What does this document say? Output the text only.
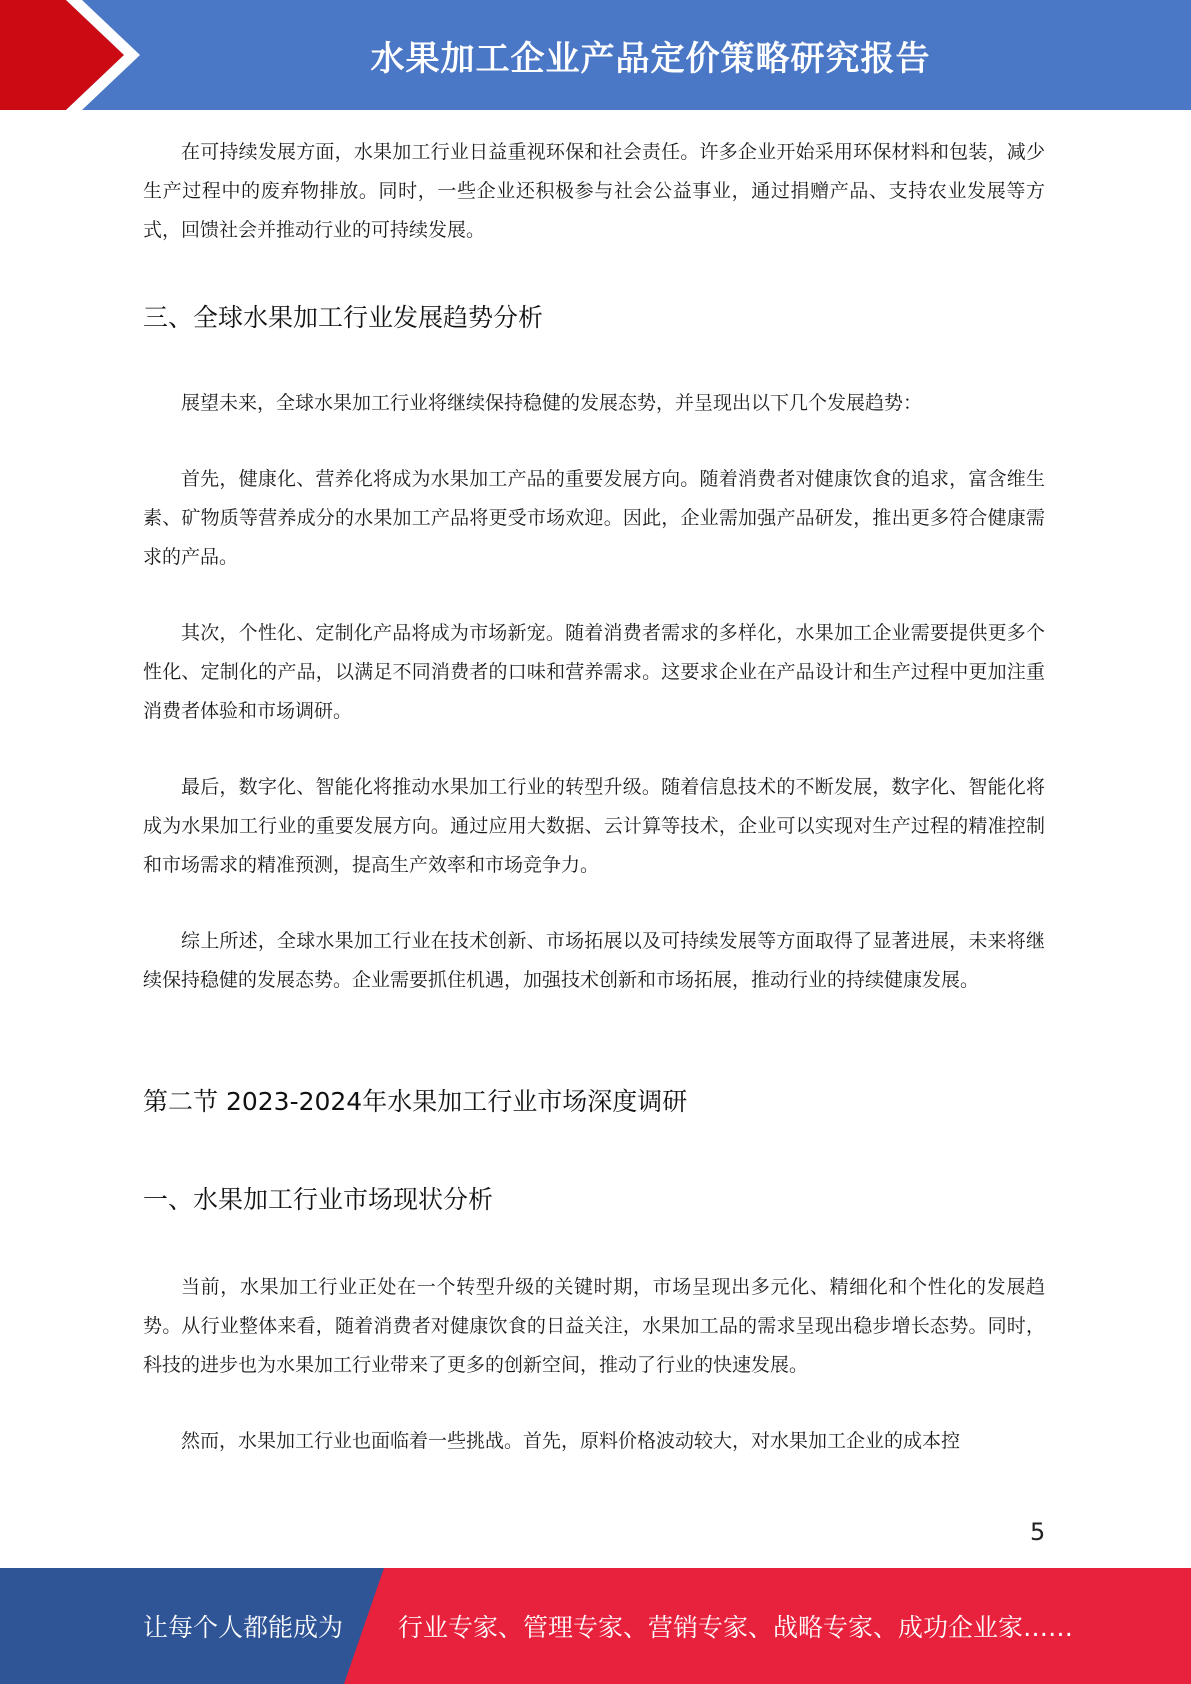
水果加工企业产品定价策略研究报告

在可持续发展方面，水果加工行业日益重视环保和社会责任。许多企业开始采用环保材料和包装，减少生产过程中的废弃物排放。同时，一些企业还积极参与社会公益事业，通过捐赠产品、支持农业发展等方式，回馈社会并推动行业的可持续发展。

三、全球水果加工行业发展趋势分析

展望未来，全球水果加工行业将继续保持稳健的发展态势，并呈现出以下几个发展趋势：

首先，健康化、营养化将成为水果加工产品的重要发展方向。随着消费者对健康饮食的追求，富含维生素、矿物质等营养成分的水果加工产品将更受市场欢迎。因此，企业需加强产品研发，推出更多符合健康需求的产品。

其次，个性化、定制化产品将成为市场新宠。随着消费者需求的多样化，水果加工企业需要提供更多个性化、定制化的产品，以满足不同消费者的口味和营养需求。这要求企业在产品设计和生产过程中更加注重消费者体验和市场调研。

最后，数字化、智能化将推动水果加工行业的转型升级。随着信息技术的不断发展，数字化、智能化将成为水果加工行业的重要发展方向。通过应用大数据、云计算等技术，企业可以实现对生产过程的精准控制和市场需求的精准预测，提高生产效率和市场竞争力。

综上所述，全球水果加工行业在技术创新、市场拓展以及可持续发展等方面取得了显著进展，未来将继续保持稳健的发展态势。企业需要抓住机遇，加强技术创新和市场拓展，推动行业的持续健康发展。

第二节 2023-2024年水果加工行业市场深度调研
一、水果加工行业市场现状分析

当前，水果加工行业正处在一个转型升级的关键时期，市场呈现出多元化、精细化和个性化的发展趋势。从行业整体来看，随着消费者对健康饮食的日益关注，水果加工品的需求呈现出稳步增长态势。同时，科技的进步也为水果加工行业带来了更多的创新空间，推动了行业的快速发展。

然而，水果加工行业也面临着一些挑战。首先，原料价格波动较大，对水果加工企业的成本控

5
让每个人都能成为 行业专家、管理专家、营销专家、战略专家、成功企业家……
